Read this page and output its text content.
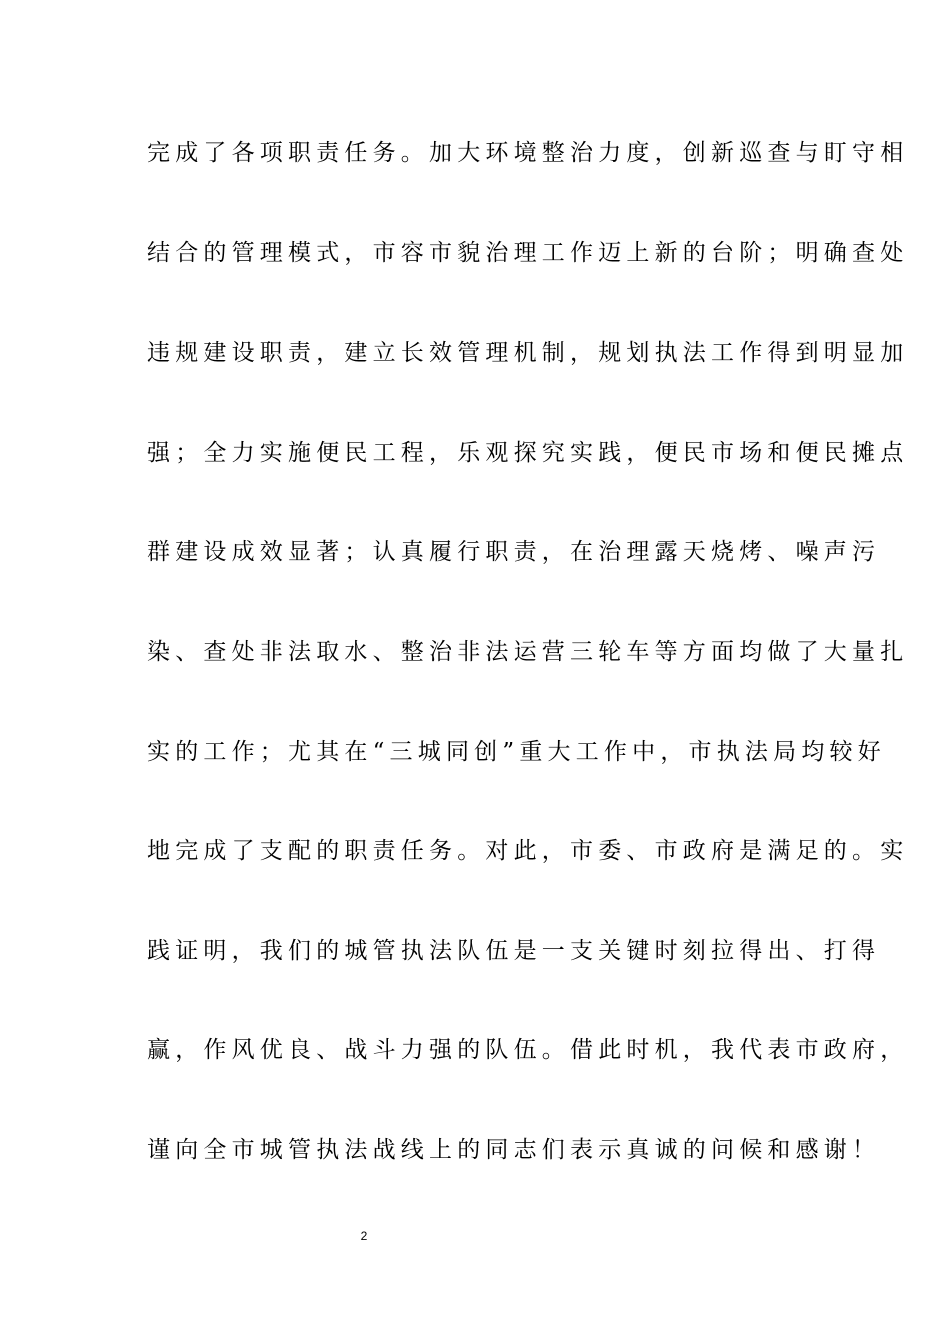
完成了各项职责任务。加大环境整治力度，创新巡查与盯守相
结合的管理模式，市容市貌治理工作迈上新的台阶；明确查处
违规建设职责，建立长效管理机制，规划执法工作得到明显加
强；全力实施便民工程，乐观探究实践，便民市场和便民摊点
群建设成效显著；认真履行职责，在治理露天烧烤、噪声污
染、查处非法取水、整治非法运营三轮车等方面均做了大量扎
实的工作；尤其在“三城同创”重大工作中，市执法局均较好
地完成了支配的职责任务。对此，市委、市政府是满足的。实
践证明，我们的城管执法队伍是一支关键时刻拉得出、打得
赢，作风优良、战斗力强的队伍。借此时机，我代表市政府，
谨向全市城管执法战线上的同志们表示真诚的问候和感谢！
2
